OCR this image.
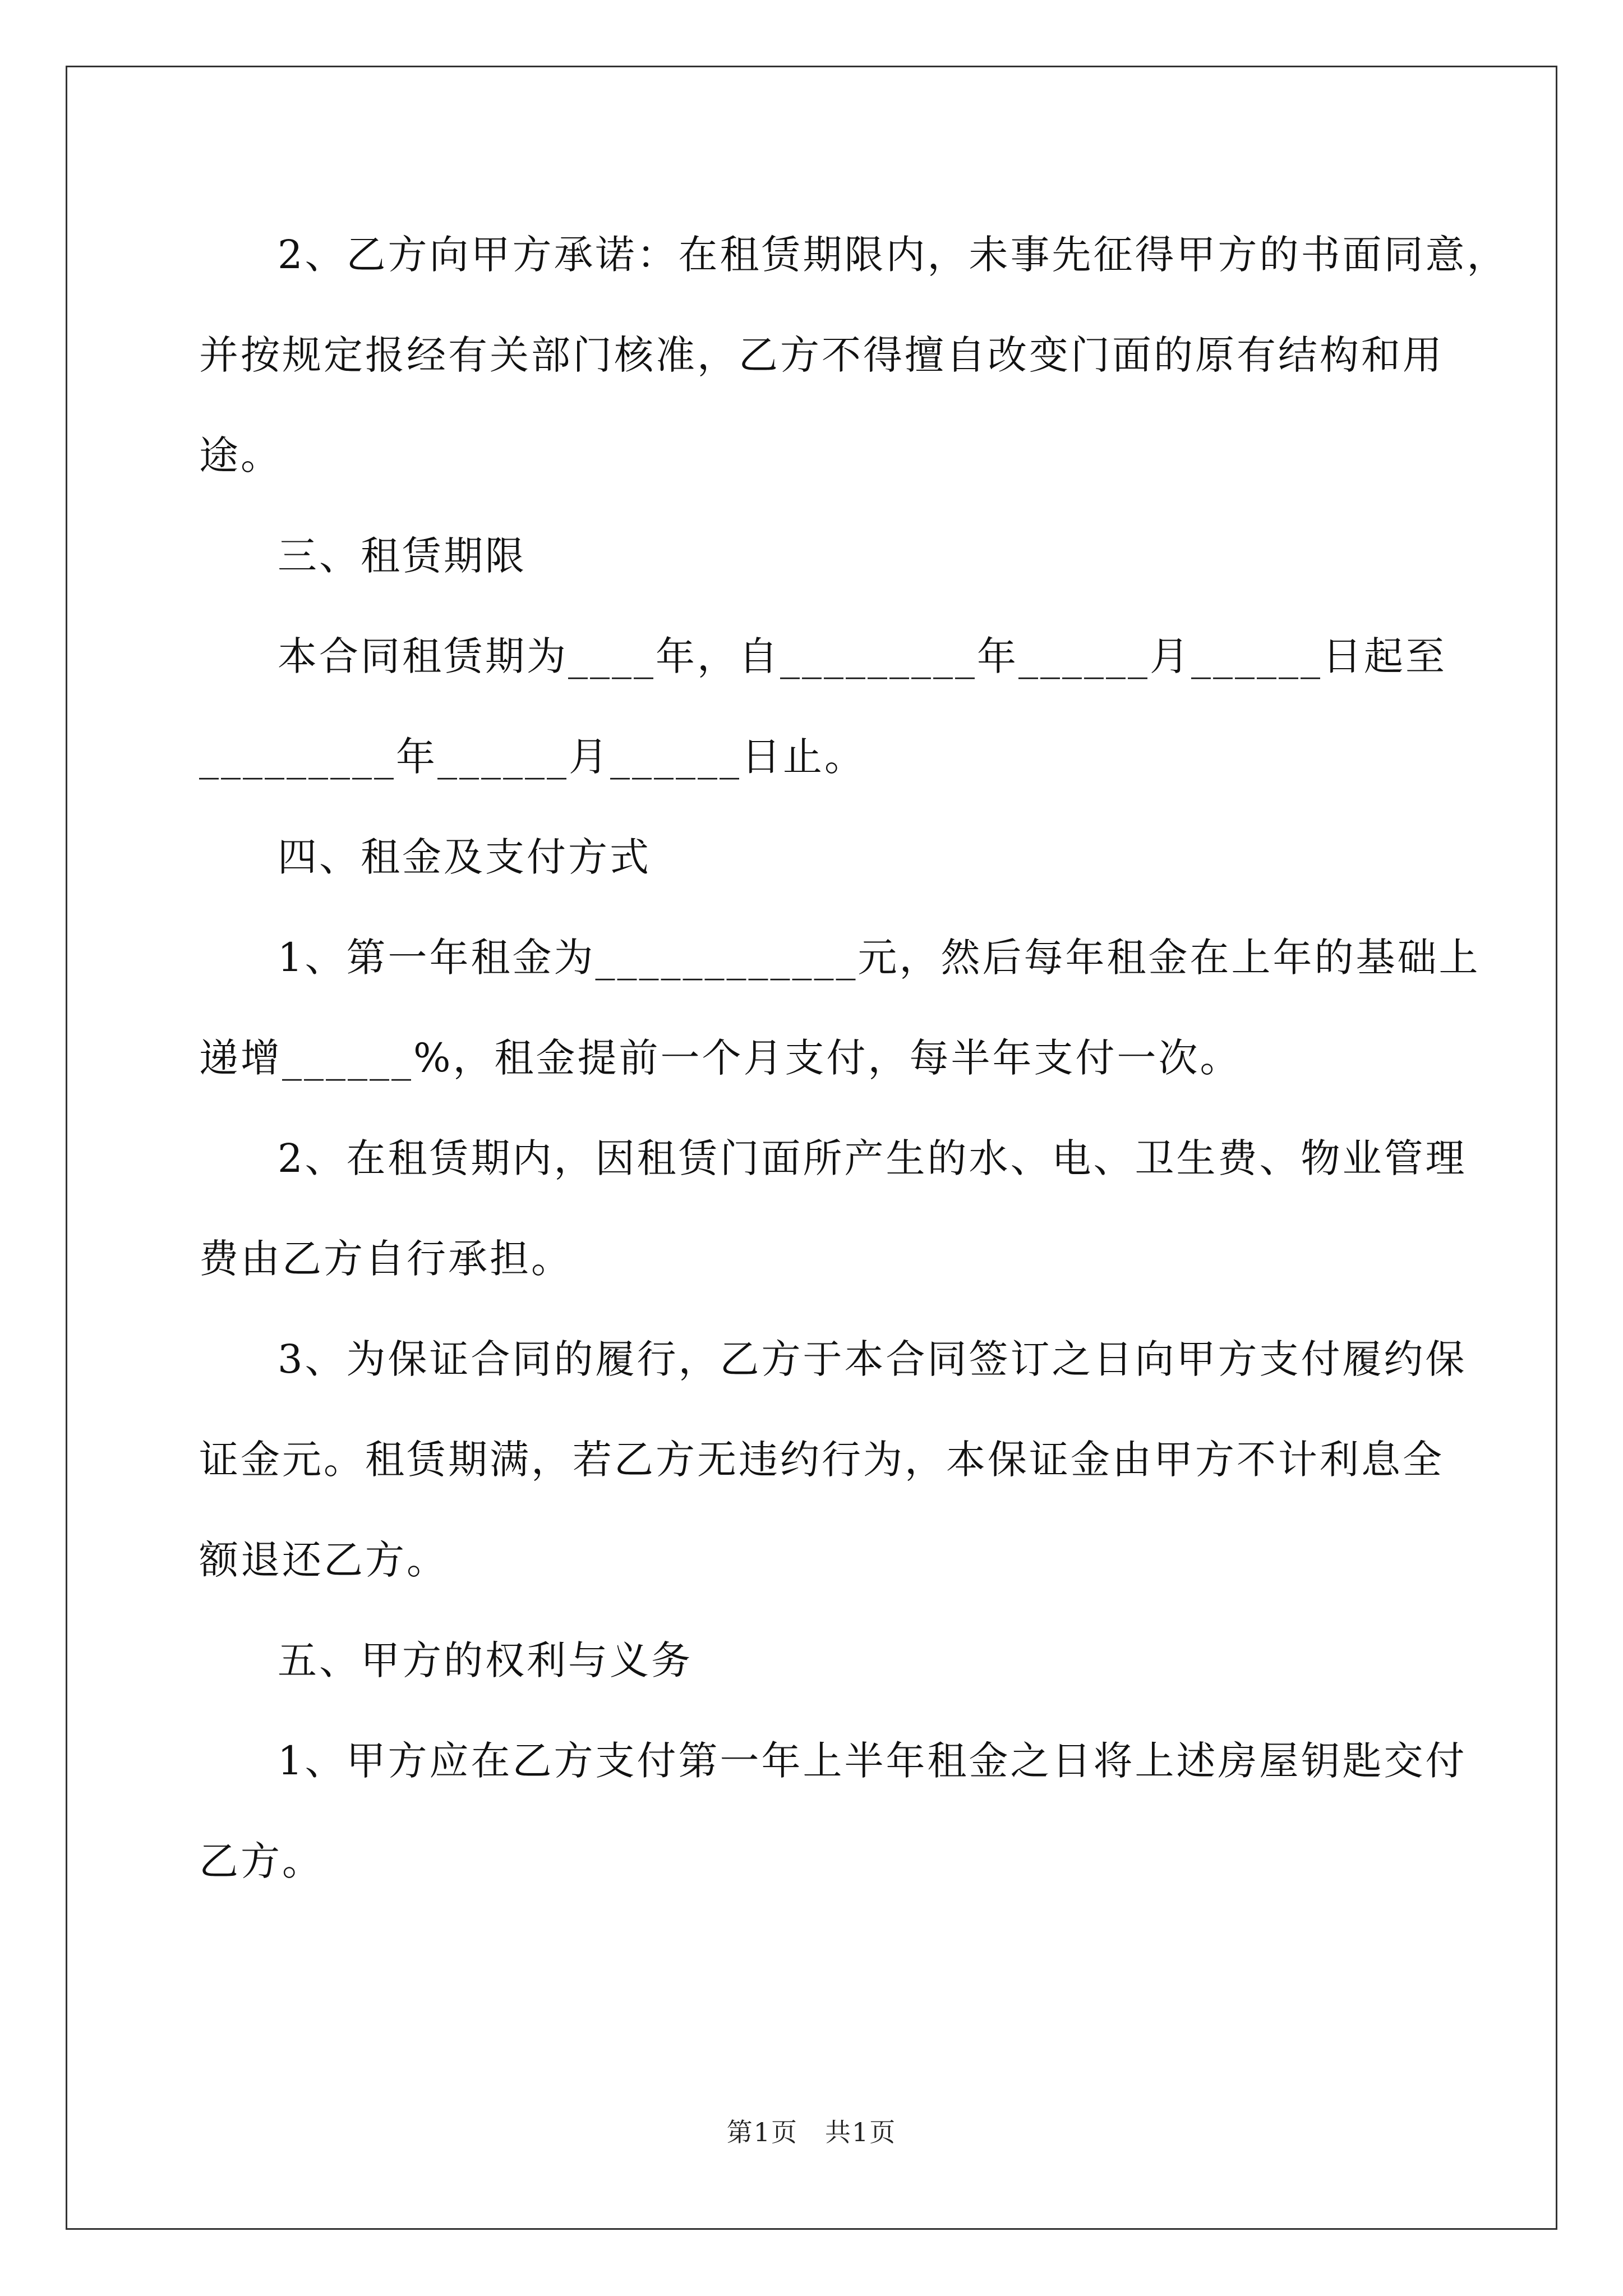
2、乙方向甲方承诺：在租赁期限内，未事先征得甲方的书面同意，

并按规定报经有关部门核准，乙方不得擅自改变门面的原有结构和用

途。

三、租赁期限

本合同租赁期为____年，自_________年______月______日起至

_________年______月______日止。

四、租金及支付方式

1、第一年租金为____________元，然后每年租金在上年的基础上

递增______%，租金提前一个月支付，每半年支付一次。

2、在租赁期内，因租赁门面所产生的水、电、卫生费、物业管理

费由乙方自行承担。

3、为保证合同的履行，乙方于本合同签订之日向甲方支付履约保

证金元。租赁期满，若乙方无违约行为，本保证金由甲方不计利息全

额退还乙方。

五、甲方的权利与义务

1、甲方应在乙方支付第一年上半年租金之日将上述房屋钥匙交付

乙方。

第1页　共1页
